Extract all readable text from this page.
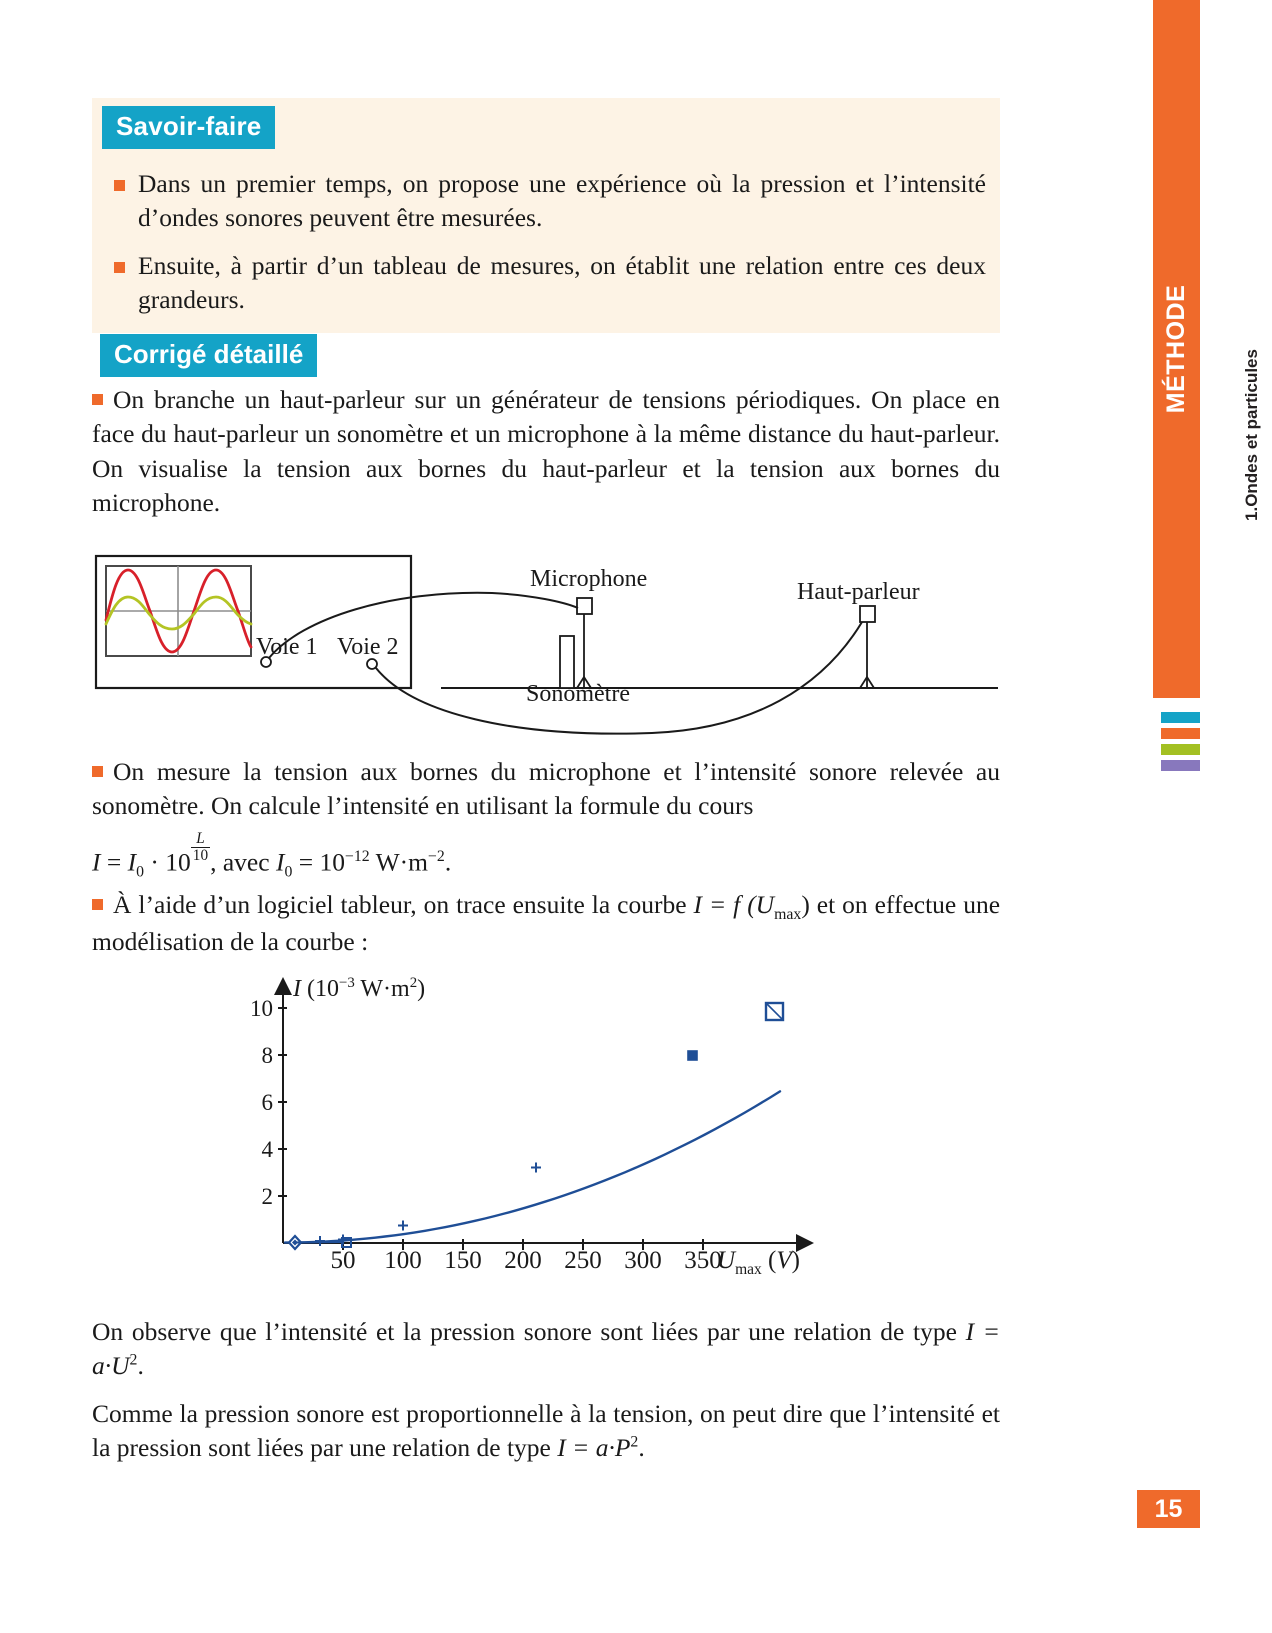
MÉTHODE
1.Ondes et particules
15
Savoir-faire
Dans un premier temps, on propose une expérience où la pression et l’intensité d’ondes sonores peuvent être mesurées.
Ensuite, à partir d’un tableau de mesures, on établit une relation entre ces deux grandeurs.
Corrigé détaillé
On branche un haut-parleur sur un générateur de tensions périodiques. On place en face du haut-parleur un sonomètre et un microphone à la même distance du haut-parleur. On visualise la tension aux bornes du haut-parleur et la tension aux bornes du microphone.
Voie 1 Voie 2
Microphone	Haut-parleur
Sonomètre
On mesure la tension aux bornes du microphone et l’intensité sonore relevée au sonomètre. On calcule l’intensité en utilisant la formule du cours
$I = I_0 \cdot 10 \frac{L}{10}$ , avec $I_0 = 10^{-12}$ $W\cdot m^{-2}$.
À l’aide d’un logiciel tableur, on trace ensuite la courbe I = f $(U_{max})$ et on effectue une modélisation de la courbe :
I ($10^{-3}$ $W\cdot m^2$)
10
8
6
4
2
50	100 150 200 250 300 350
$U_{max}$ (V)
On observe que l’intensité et la pression sonore sont liées par une relation de type $I = a\cdot U^2$.
Comme la pression sonore est proportionnelle à la tension, on peut dire que l’intensité et la pression sont liées par une relation de type $I = a\cdot P^2$.
